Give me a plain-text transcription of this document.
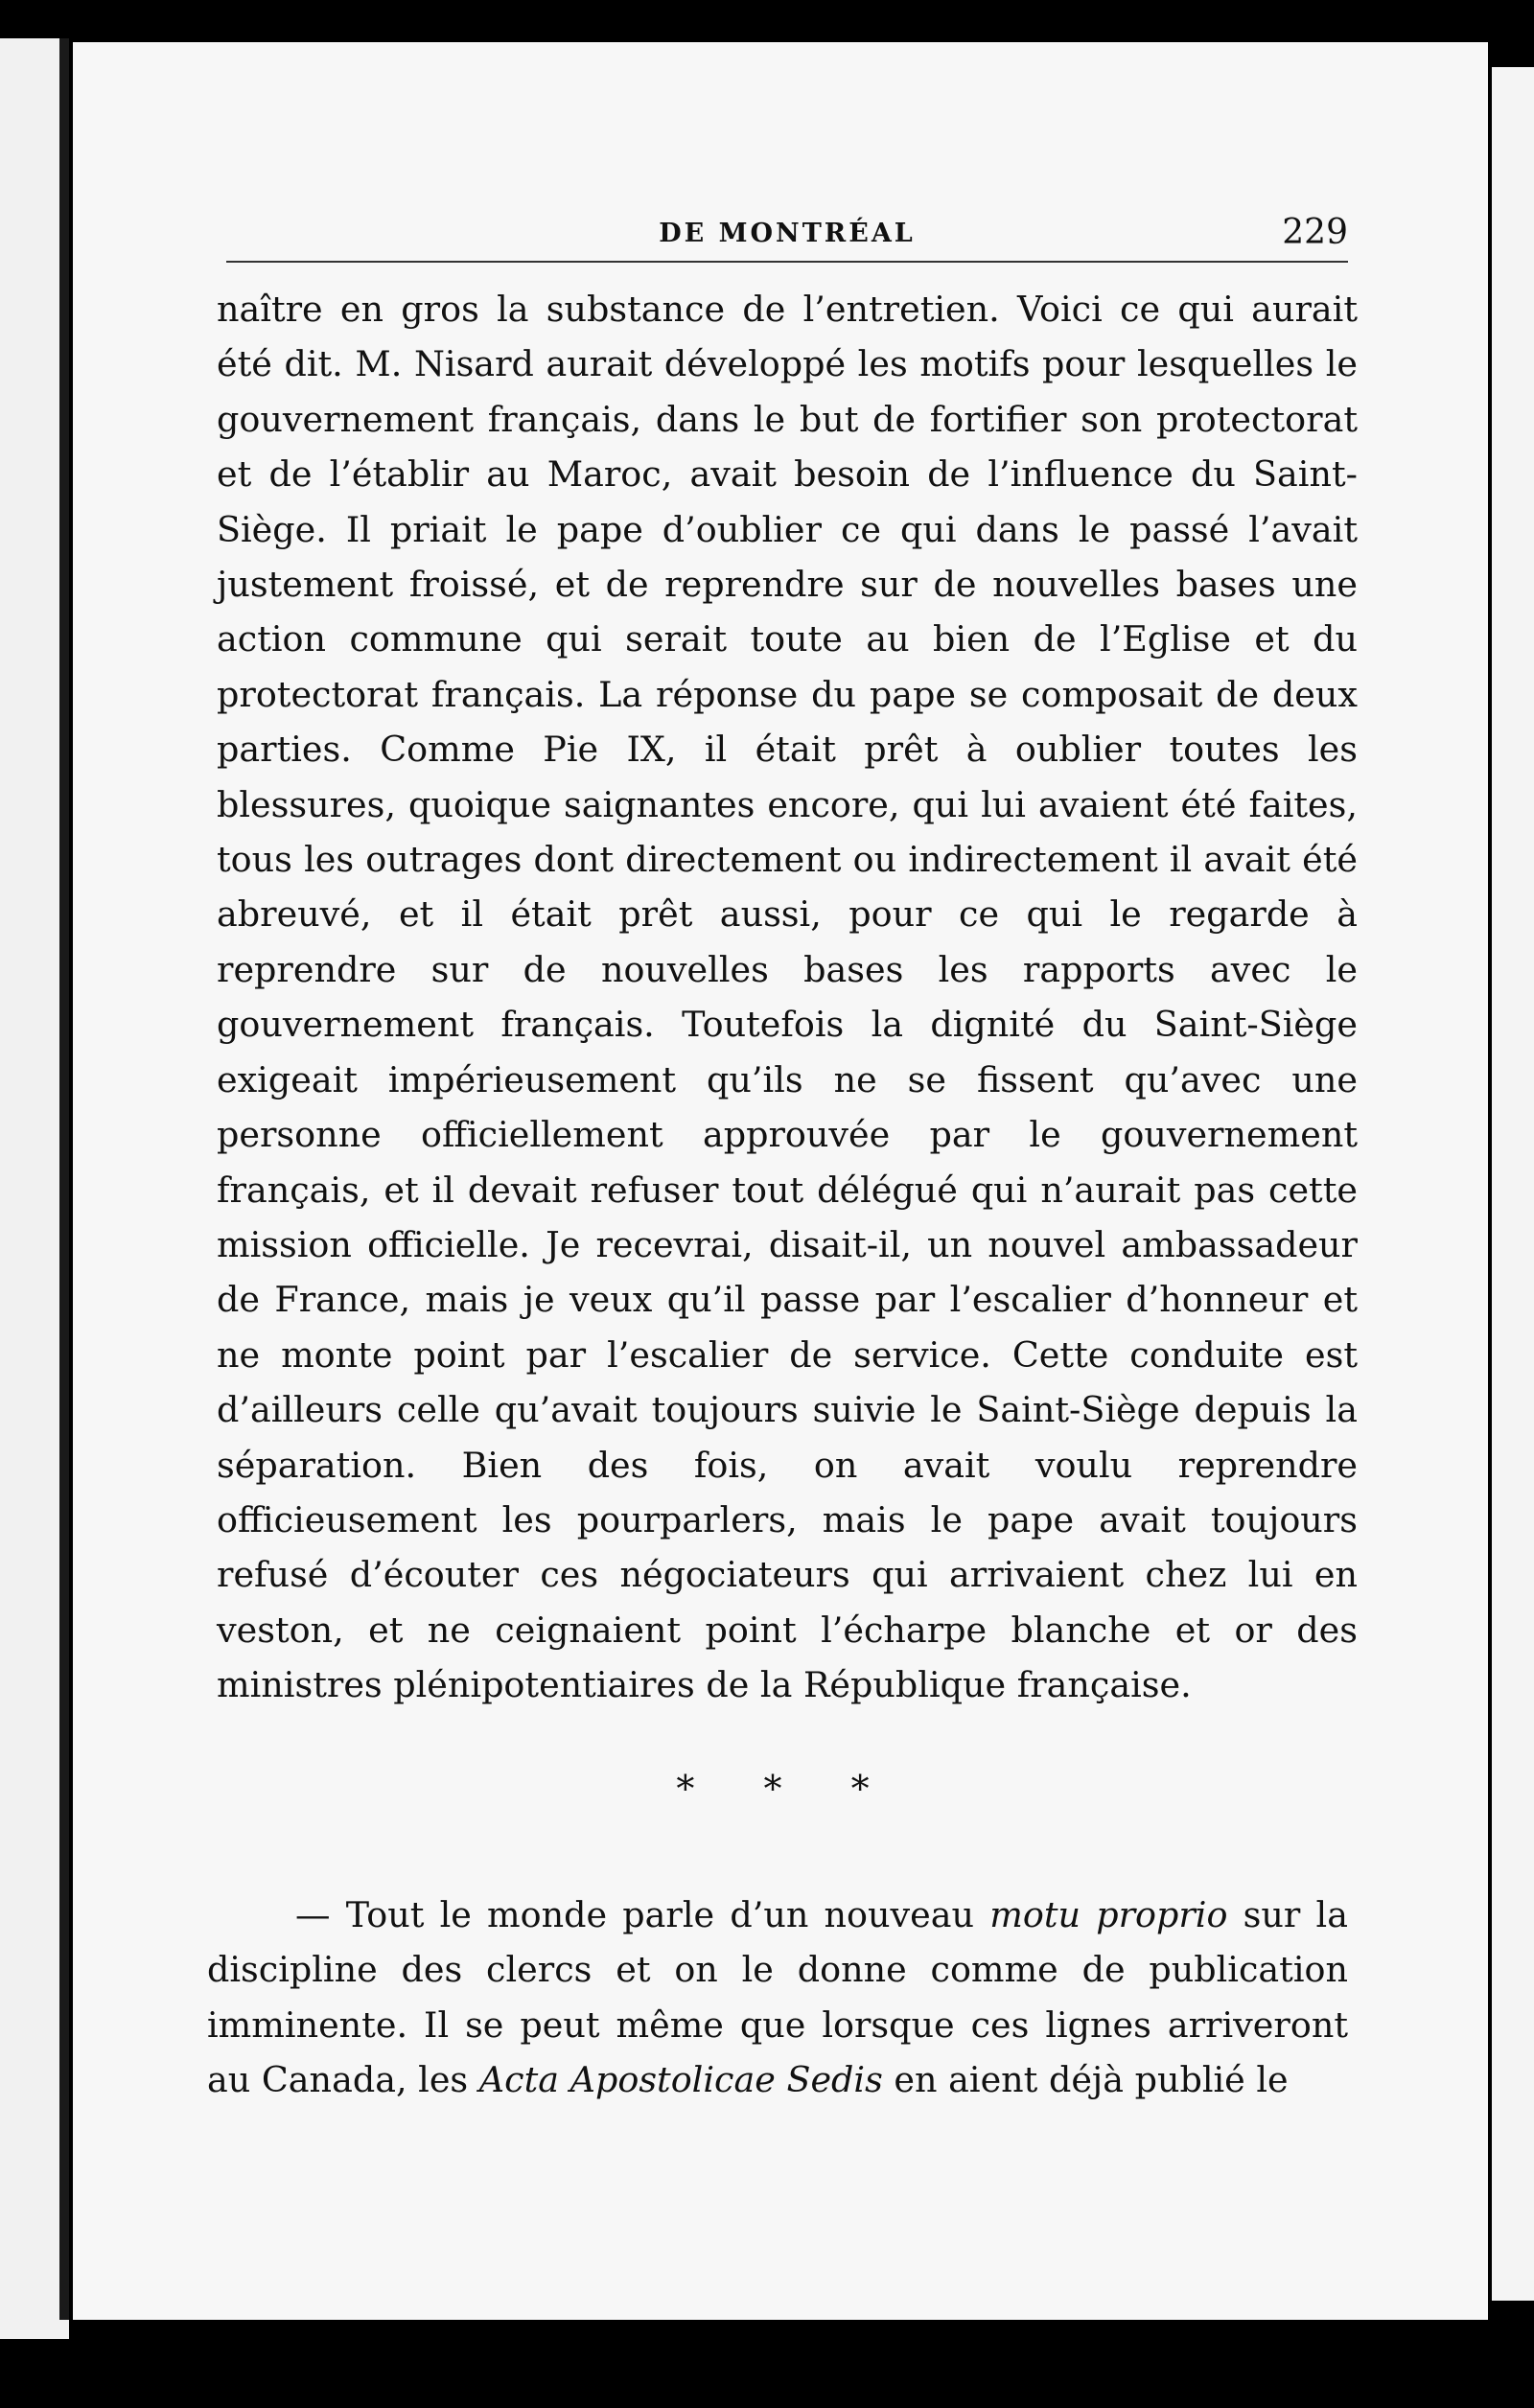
DE MONTRÉAL	229

naître en gros la substance de l’entretien. Voici ce qui aurait été dit. M. Nisard aurait développé les motifs pour lesquelles le gouvernement français, dans le but de fortifier son protectorat et de l’établir au Maroc, avait besoin de l’influence du Saint-Siège. Il priait le pape d’oublier ce qui dans le passé l’avait justement froissé, et de reprendre sur de nouvelles bases une action commune qui serait toute au bien de l’Eglise et du protectorat français. La réponse du pape se composait de deux parties. Comme Pie IX, il était prêt à oublier toutes les blessures, quoique saignantes encore, qui lui avaient été faites, tous les outrages dont directement ou indirectement il avait été abreuvé, et il était prêt aussi, pour ce qui le regarde à reprendre sur de nouvelles bases les rapports avec le gouvernement français. Toutefois la dignité du Saint-Siège exigeait impérieusement qu’ils ne se fissent qu’avec une personne officiellement approuvée par le gouvernement français, et il devait refuser tout délégué qui n’aurait pas cette mission officielle. Je recevrai, disait-il, un nouvel ambassadeur de France, mais je veux qu’il passe par l’escalier d’honneur et ne monte point par l’escalier de service. Cette conduite est d’ailleurs celle qu’avait toujours suivie le Saint-Siège depuis la séparation. Bien des fois, on avait voulu reprendre officieusement les pourparlers, mais le pape avait toujours refusé d’écouter ces négociateurs qui arrivaient chez lui en veston, et ne ceignaient point l’écharpe blanche et or des ministres plénipotentiaires de la République française.

* * *

— Tout le monde parle d’un nouveau motu proprio sur la discipline des clercs et on le donne comme de publication imminente. Il se peut même que lorsque ces lignes arriveront au Canada, les Acta Apostolicae Sedis en aient déjà publié le
